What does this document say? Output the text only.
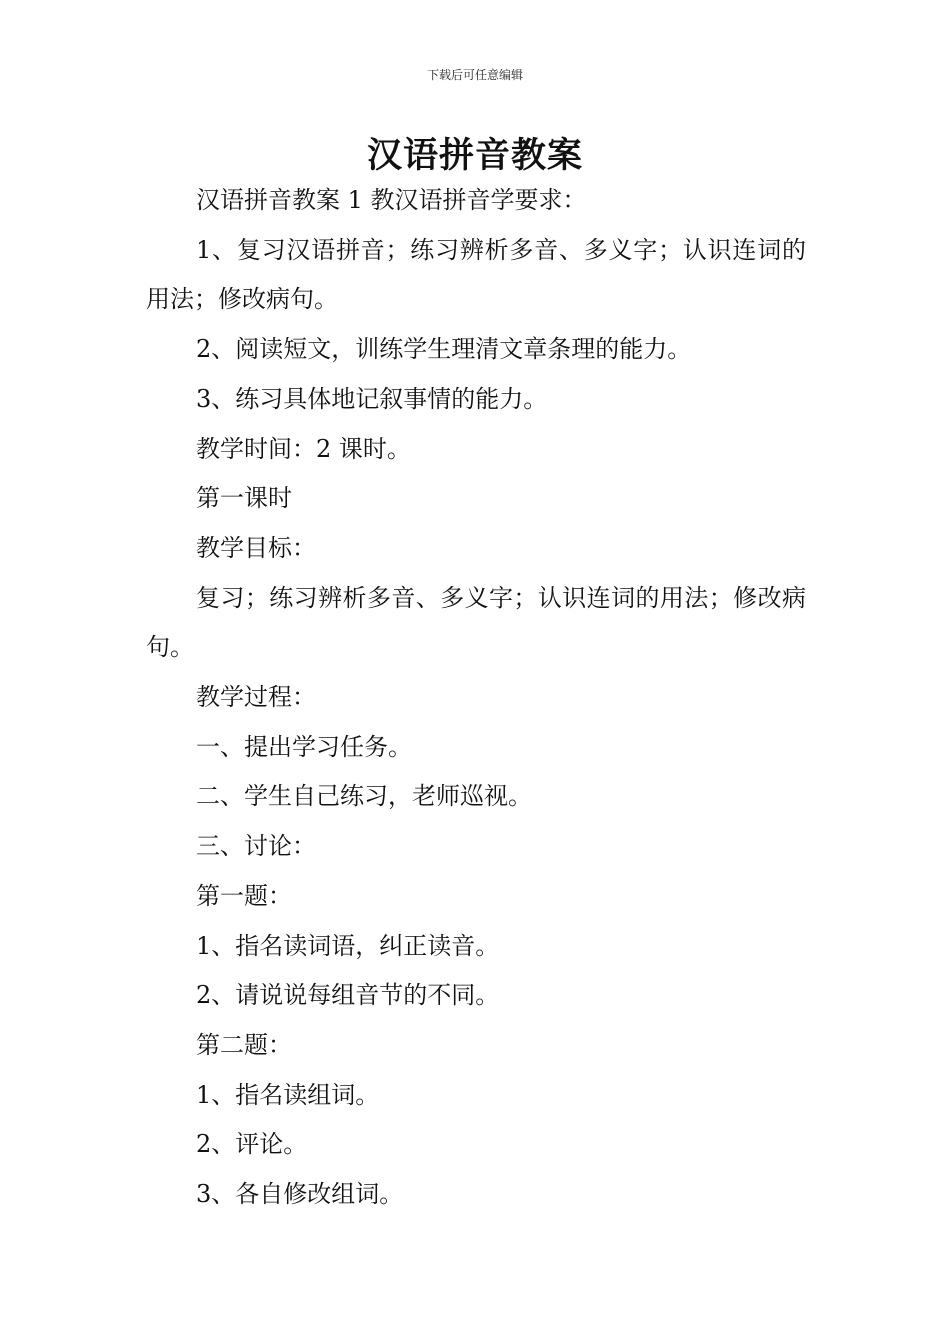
下载后可任意编辑
汉语拼音教案

汉语拼音教案 1 教汉语拼音学要求：

1、复习汉语拼音；练习辨析多音、多义字；认识连词的用法；修改病句。

2、阅读短文，训练学生理清文章条理的能力。

3、练习具体地记叙事情的能力。

教学时间：2 课时。

第一课时

教学目标：

复习；练习辨析多音、多义字；认识连词的用法；修改病句。

教学过程：

一、提出学习任务。

二、学生自己练习，老师巡视。

三、讨论：

第一题：

1、指名读词语，纠正读音。

2、请说说每组音节的不同。

第二题：

1、指名读组词。

2、评论。

3、各自修改组词。
